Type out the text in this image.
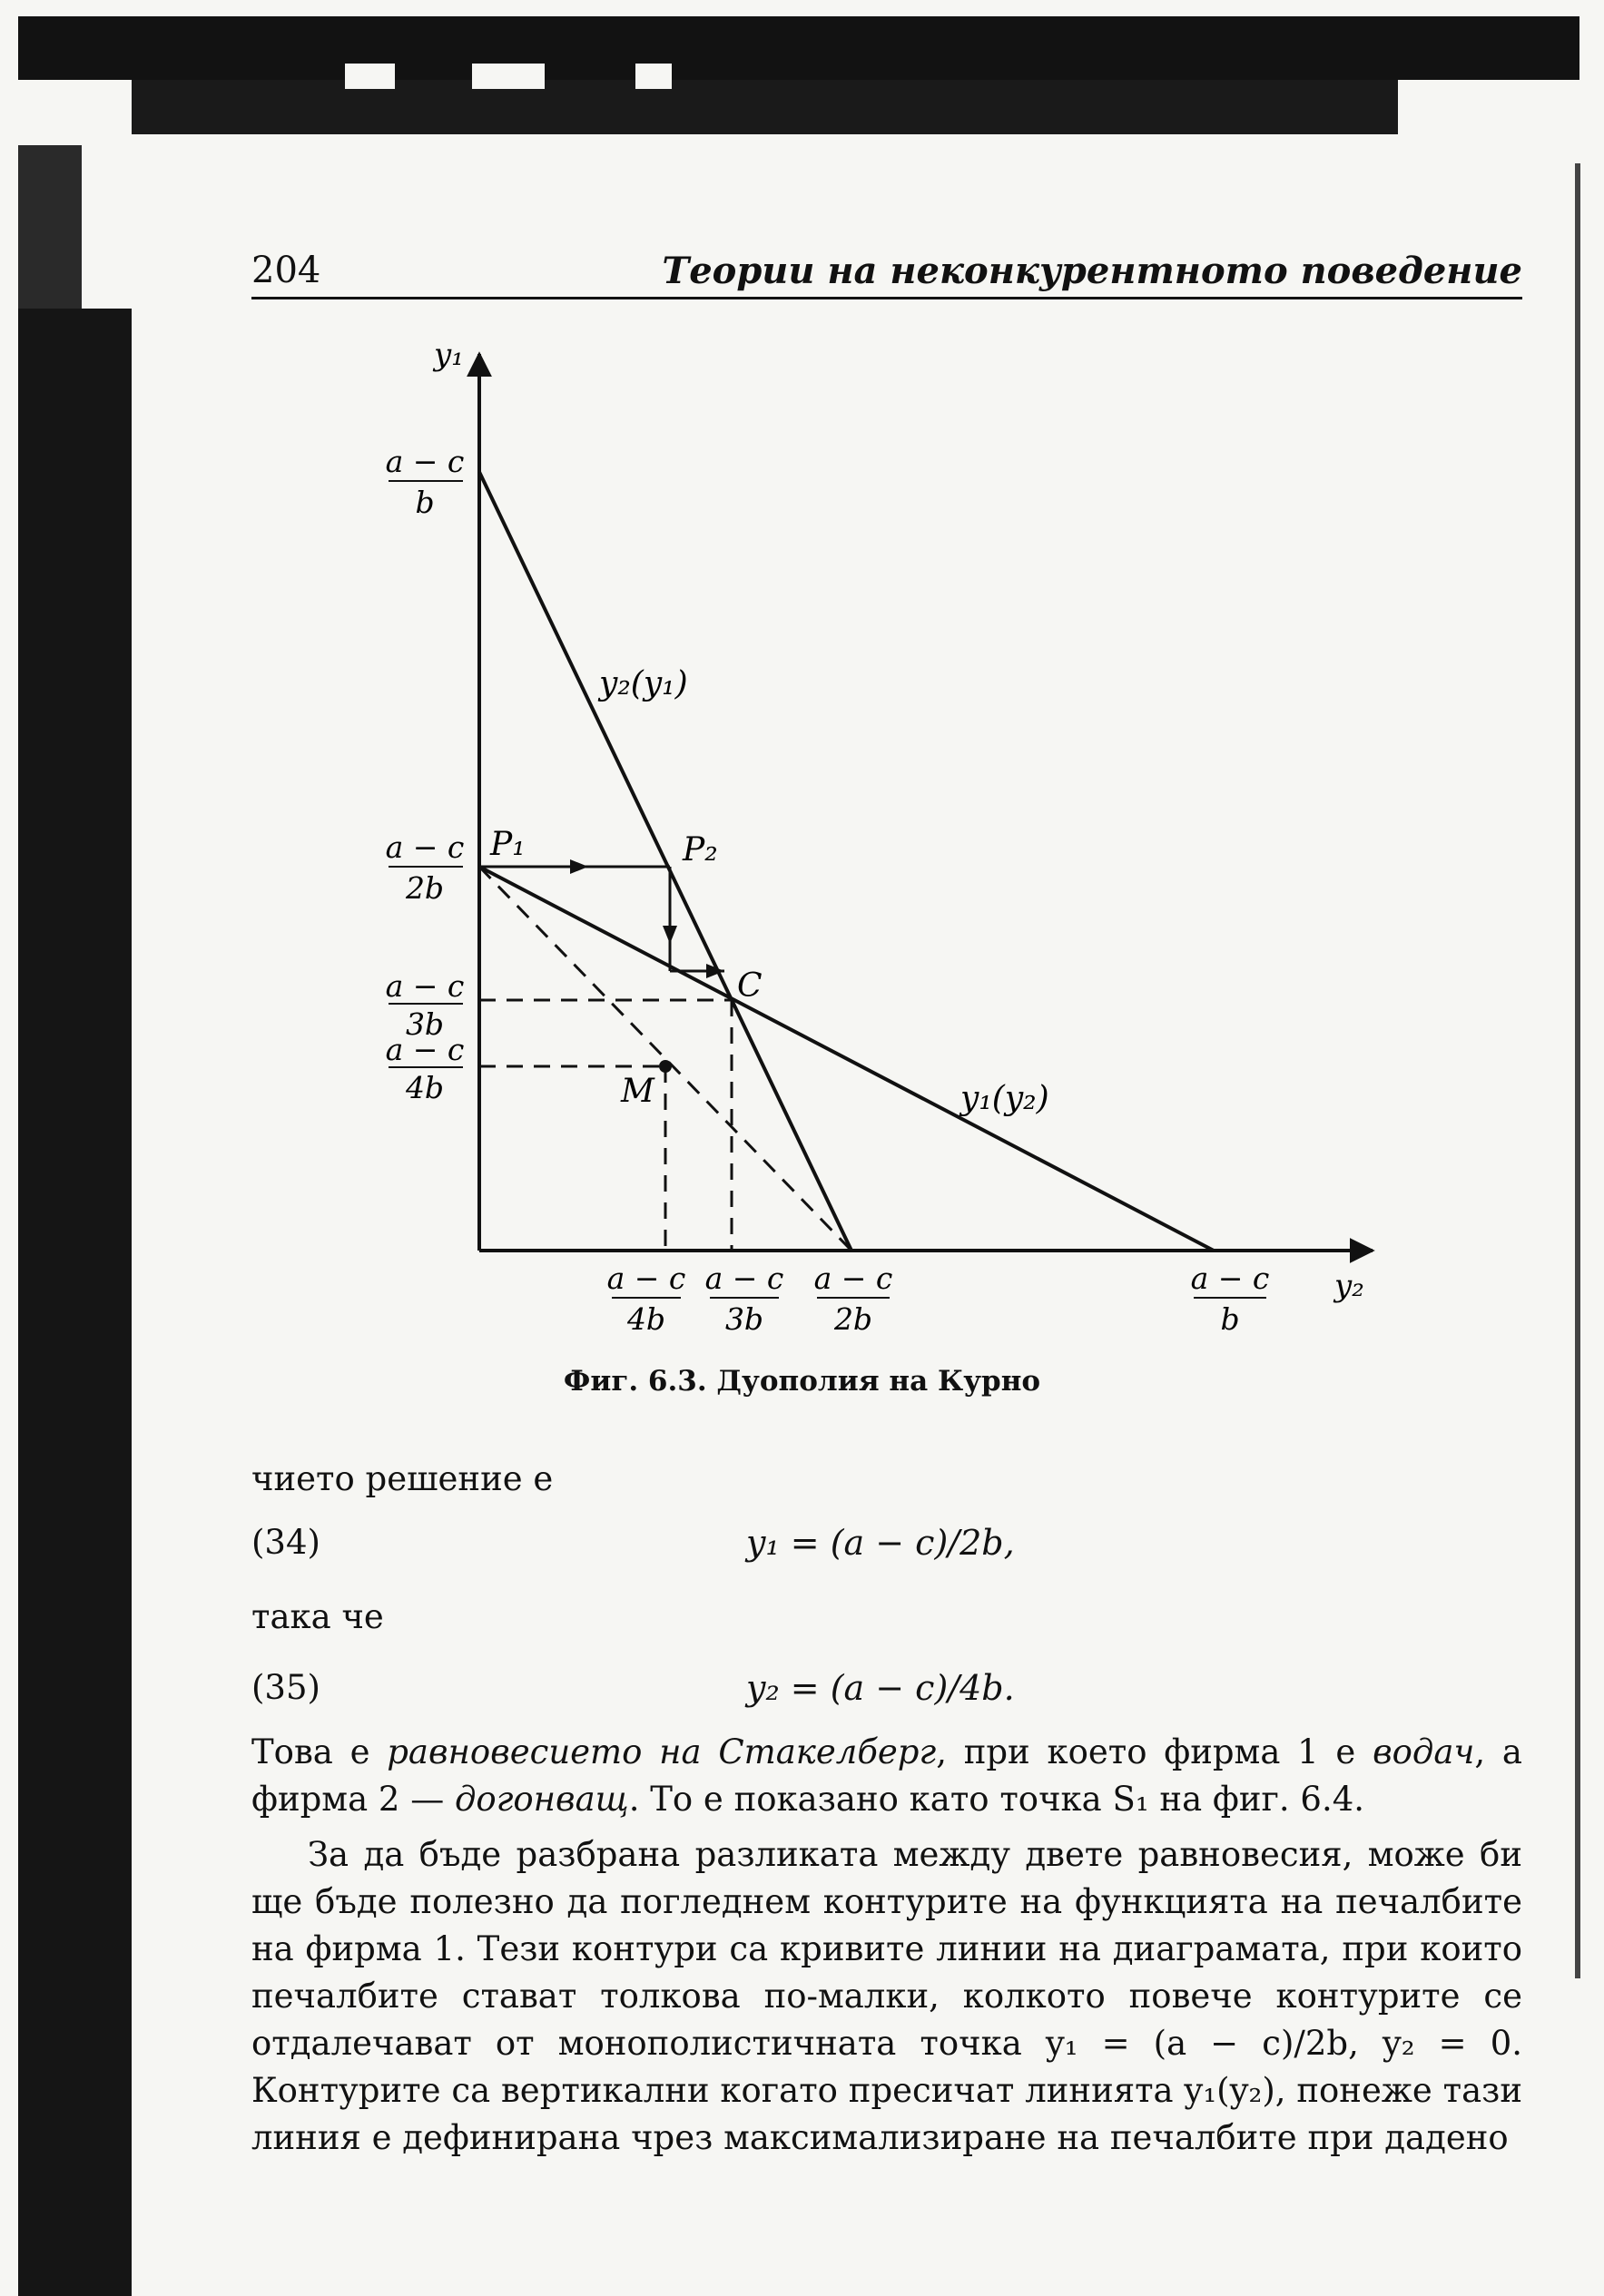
204	Теории на неконкурентното поведение
y₁
y₂
P₁	P₂
C
M
y₂(y₁)
y₁(y₂)
a − c
b
a − c
2b
a − c
3b
a − c
4b
a − c
4b
a − c
3b
a − c
2b
a − c
b
Фиг. 6.3. Дуополия на Курно
чието решение е
(34)	y₁ = (a − c)/2b,
така че
(35)	y₂ = (a − c)/4b.

Това е равновесието на Стакелберг, при което фирма 1 е водач, а фирма 2 — догонващ. То е показано като точка S₁ на фиг. 6.4.

За да бъде разбрана разликата между двете равновесия, може би ще бъде полезно да погледнем контурите на функцията на печалбите на фирма 1. Тези контури са кривите линии на диаграмата, при които печалбите стават толкова по-малки, колкото повече контурите се отдалечават от монополистичната точка y₁ = (a − c)/2b, y₂ = 0. Контурите са вертикални когато пресичат линията y₁(y₂), понеже тази линия е дефинирана чрез максимализиране на печалбите при дадено
